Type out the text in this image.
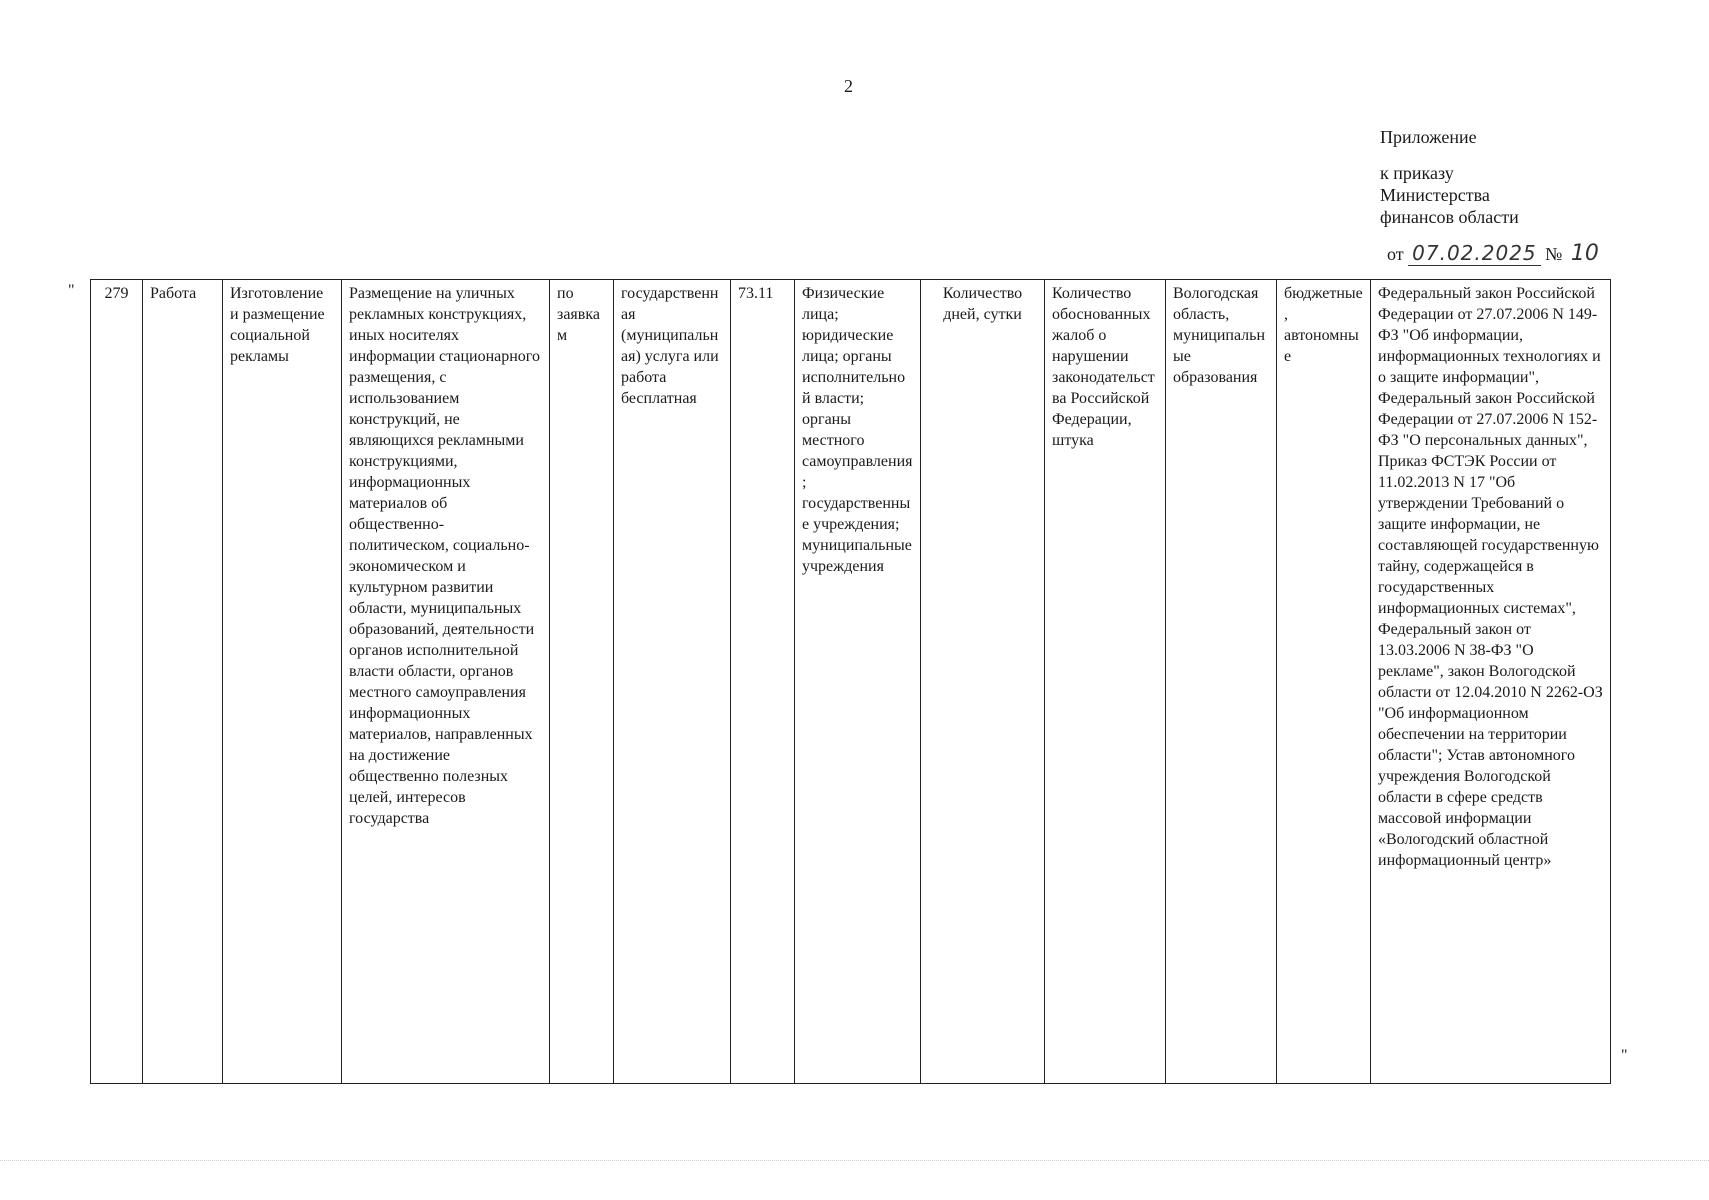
2
Приложение
к приказу
Министерства
финансов области
от 07.02.2025 № 10
" 279	Работа	Изготовление и размещение социальной рекламы	Размещение на уличных рекламных конструкциях, иных носителях информации стационарного размещения, с использованием конструкций, не являющихся рекламными конструкциями, информационных материалов об общественно-политическом, социально-экономическом и культурном развитии области, муниципальных образований, деятельности органов исполнительной власти области, органов местного самоуправления информационных материалов, направленных на достижение общественно полезных целей, интересов государства	по заявкам	государственная (муниципальная) услуга или работа бесплатная	73.11	Физические лица; юридические лица; органы исполнительной власти; органы местного самоуправления; государственные учреждения; муниципальные учреждения	Количество дней, сутки	Количество обоснованных жалоб о нарушении законодательства Российской Федерации, штука	Вологодская область, муниципальные образования	бюджетные, автономные	Федеральный закон Российской Федерации от 27.07.2006 N 149-ФЗ "Об информации, информационных технологиях и о защите информации", Федеральный закон Российской Федерации от 27.07.2006 N 152-ФЗ "О персональных данных", Приказ ФСТЭК России от 11.02.2013 N 17 "Об утверждении Требований о защите информации, не составляющей государственную тайну, содержащейся в государственных информационных системах", Федеральный закон от 13.03.2006 N 38-ФЗ "О рекламе", закон Вологодской области от 12.04.2010 N 2262-ОЗ "Об информационном обеспечении на территории области"; Устав автономного учреждения Вологодской области в сфере средств массовой информации «Вологодский областной информационный центр»
"
